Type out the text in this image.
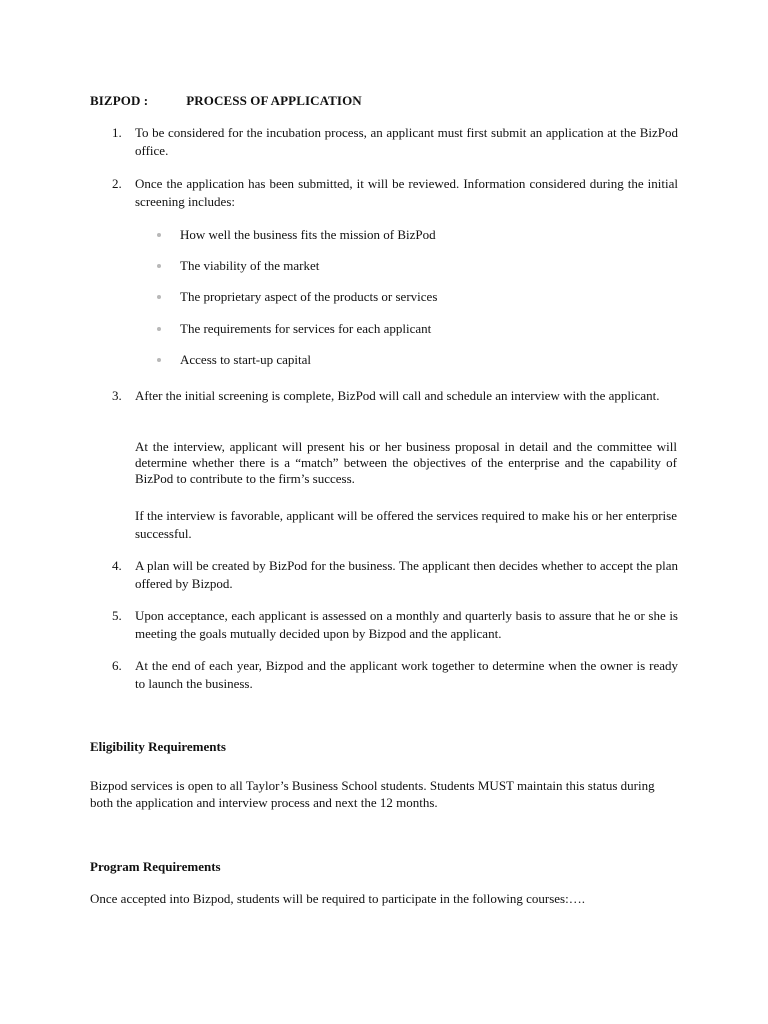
BIZPOD :	PROCESS OF APPLICATION
1.	To be considered for the incubation process, an applicant must first submit an application at the BizPod office.
2.	Once the application has been submitted, it will be reviewed. Information considered during the initial screening includes:
How well the business fits the mission of BizPod
The viability of the market
The proprietary aspect of the products or services
The requirements for services for each applicant
Access to start-up capital
3.	After the initial screening is complete, BizPod will call and schedule an interview with the applicant.
At the interview, applicant will present his or her business proposal in detail and the committee will determine whether there is a “match” between the objectives of the enterprise and the capability of BizPod to contribute to the firm’s success.
If the interview is favorable, applicant will be offered the services required to make his or her enterprise successful.
4.	A plan will be created by BizPod for the business. The applicant then decides whether to accept the plan offered by Bizpod.
5.	Upon acceptance, each applicant is assessed on a monthly and quarterly basis to assure that he or she is meeting the goals mutually decided upon by Bizpod and the applicant.
6.	At the end of each year, Bizpod and the applicant work together to determine when the owner is ready to launch the business.
Eligibility Requirements
Bizpod services is open to all Taylor’s Business School students. Students MUST maintain this status during both the application and interview process and next the 12 months.
Program Requirements
Once accepted into Bizpod, students will be required to participate in the following courses:….
